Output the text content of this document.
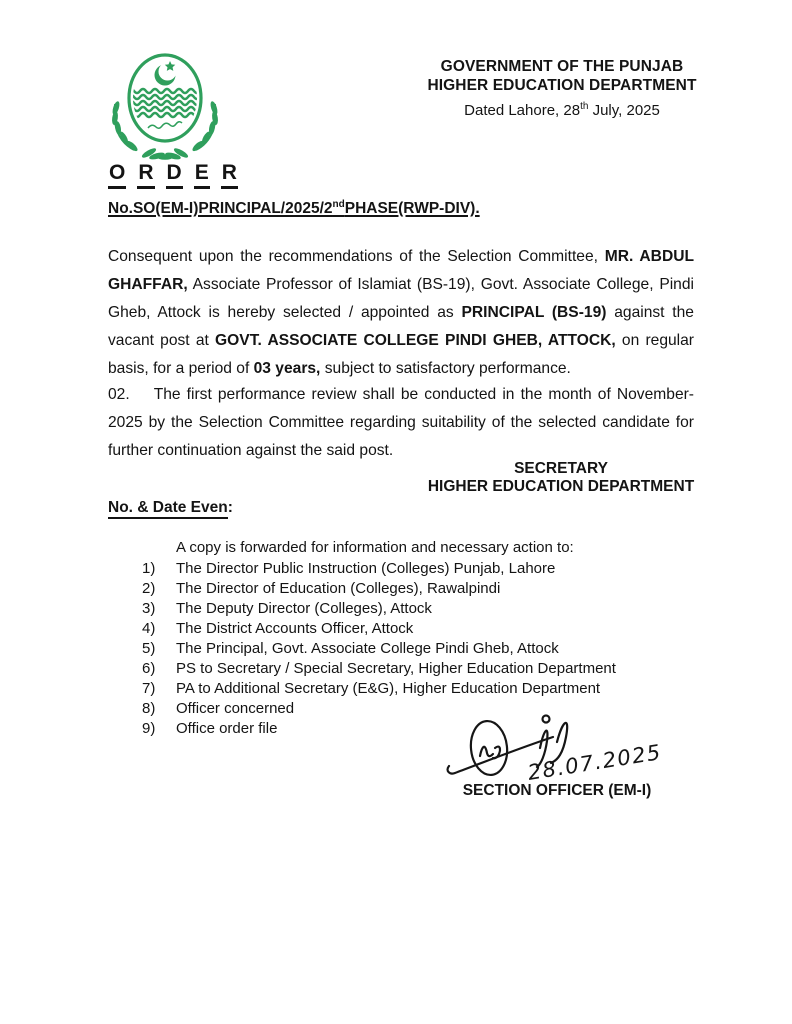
GOVERNMENT OF THE PUNJAB
HIGHER EDUCATION DEPARTMENT
Dated Lahore, 28th July, 2025
O R D E R
No.SO(EM-I)PRINCIPAL/2025/2ndPHASE(RWP-DIV).

Consequent upon the recommendations of the Selection Committee, MR. ABDUL GHAFFAR, Associate Professor of Islamiat (BS-19), Govt. Associate College, Pindi Gheb, Attock is hereby selected / appointed as PRINCIPAL (BS-19) against the vacant post at GOVT. ASSOCIATE COLLEGE PINDI GHEB, ATTOCK, on regular basis, for a period of 03 years, subject to satisfactory performance.

02. The first performance review shall be conducted in the month of November-2025 by the Selection Committee regarding suitability of the selected candidate for further continuation against the said post.

SECRETARY
HIGHER EDUCATION DEPARTMENT
No. & Date Even:
A copy is forwarded for information and necessary action to:
1)	The Director Public Instruction (Colleges) Punjab, Lahore
2)	The Director of Education (Colleges), Rawalpindi
3)	The Deputy Director (Colleges), Attock
4)	The District Accounts Officer, Attock
5)	The Principal, Govt. Associate College Pindi Gheb, Attock
6)	PS to Secretary / Special Secretary, Higher Education Department
7)	PA to Additional Secretary (E&G), Higher Education Department
8)	Officer concerned
9)	Office order file
28.07.2025
SECTION OFFICER (EM-I)
